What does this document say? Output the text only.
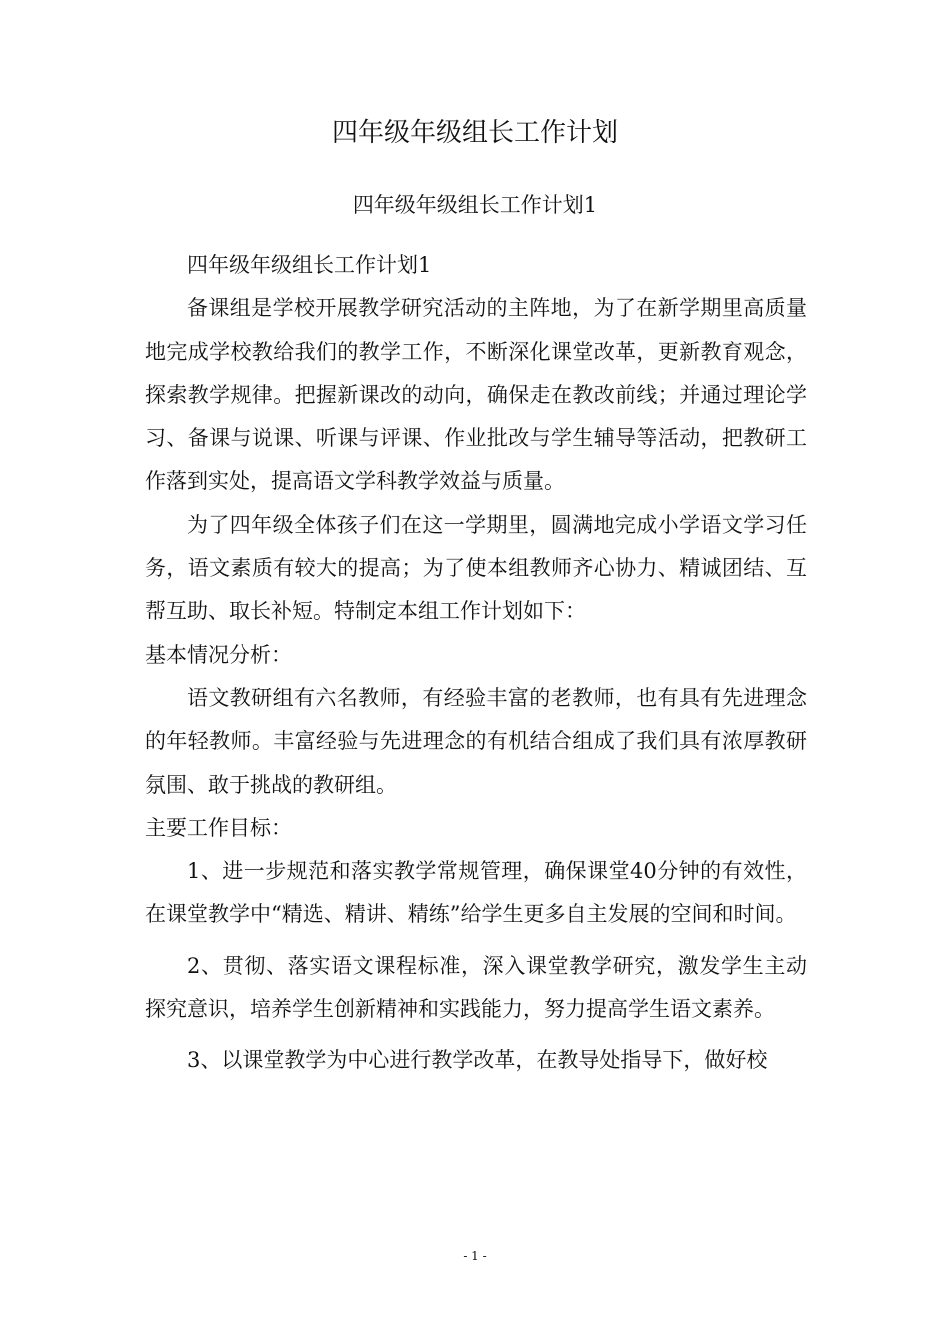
四年级年级组长工作计划
四年级年级组长工作计划1

四年级年级组长工作计划1

备课组是学校开展教学研究活动的主阵地，为了在新学期里高质量地完成学校教给我们的教学工作，不断深化课堂改革，更新教育观念，探索教学规律。把握新课改的动向，确保走在教改前线；并通过理论学习、备课与说课、听课与评课、作业批改与学生辅导等活动，把教研工作落到实处，提高语文学科教学效益与质量。

为了四年级全体孩子们在这一学期里，圆满地完成小学语文学习任务，语文素质有较大的提高；为了使本组教师齐心协力、精诚团结、互帮互助、取长补短。特制定本组工作计划如下：

基本情况分析：

语文教研组有六名教师，有经验丰富的老教师，也有具有先进理念的年轻教师。丰富经验与先进理念的有机结合组成了我们具有浓厚教研氛围、敢于挑战的教研组。

主要工作目标：

1、进一步规范和落实教学常规管理，确保课堂40分钟的有效性，在课堂教学中“精选、精讲、精练”给学生更多自主发展的空间和时间。

2、贯彻、落实语文课程标准，深入课堂教学研究，激发学生主动探究意识，培养学生创新精神和实践能力，努力提高学生语文素养。

3、以课堂教学为中心进行教学改革，在教导处指导下，做好校

- 1 -
